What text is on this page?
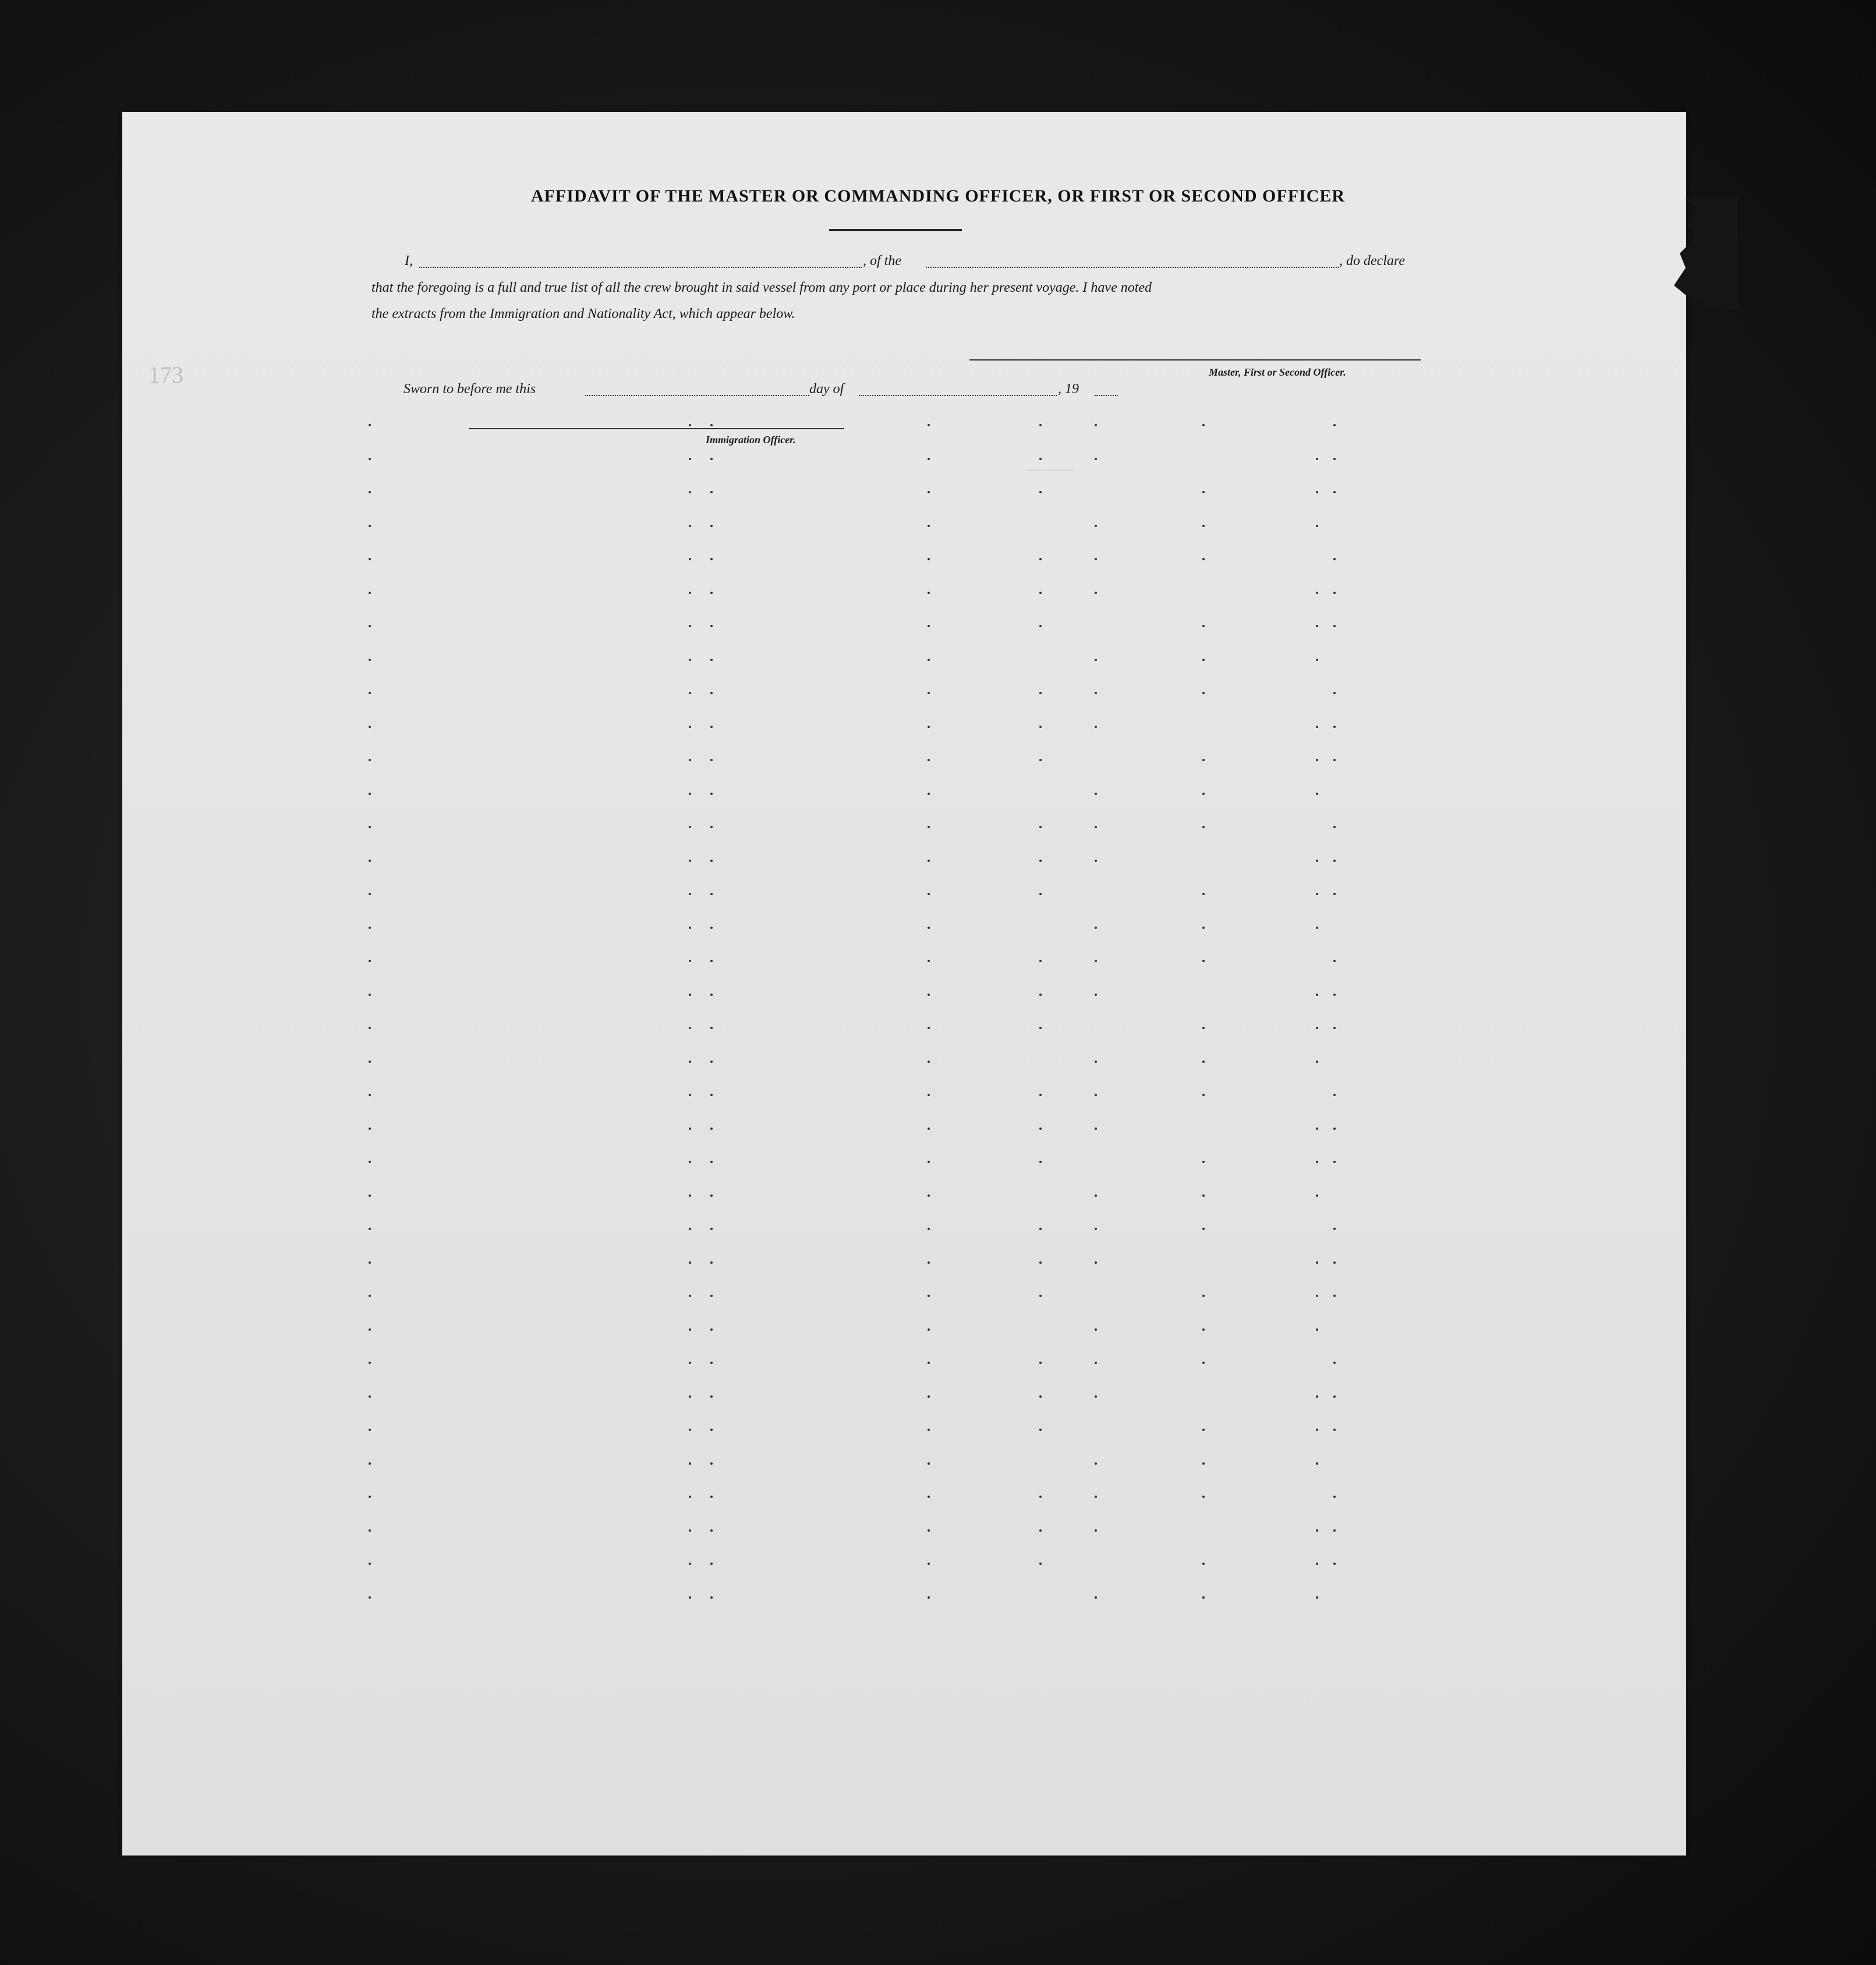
173
AFFIDAVIT OF THE MASTER OR COMMANDING OFFICER, OR FIRST OR SECOND OFFICER
I,	, of the	, do declare
that the foregoing is a full and true list of all the crew brought in said vessel from any port or place during her present voyage. I have noted
the extracts from the Immigration and Nationality Act, which appear below.
Master, First or Second Officer.
Sworn to before me this	day of	, 19
Immigration Officer.
———
